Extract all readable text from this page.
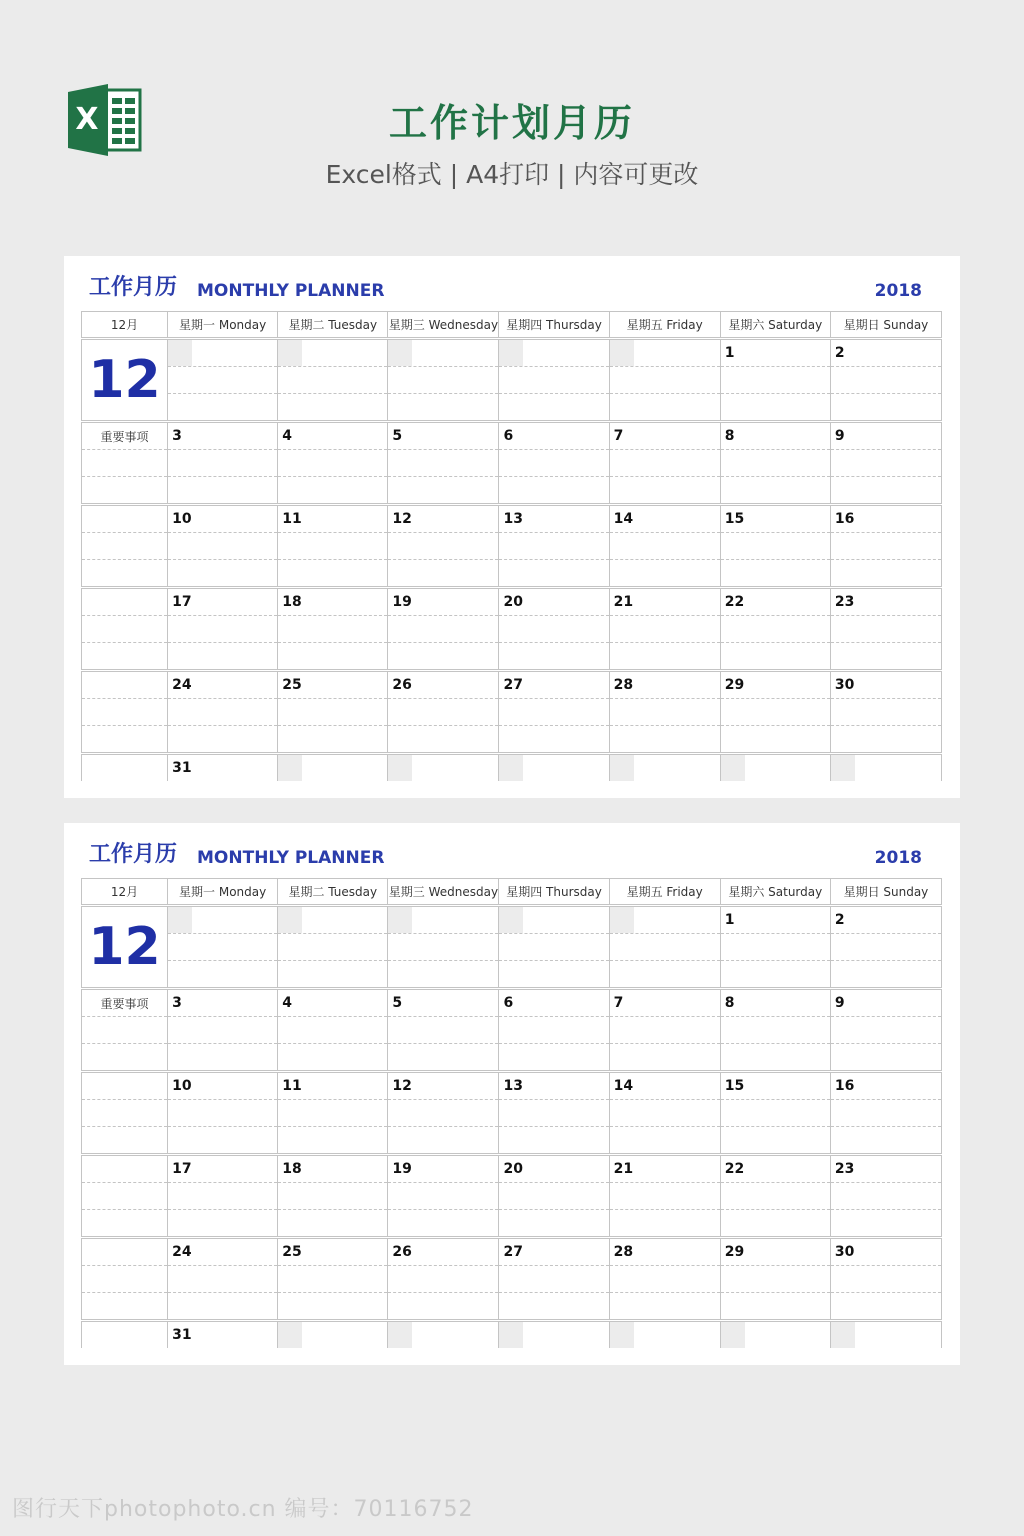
X	工作计划月历
Excel格式 | A4打印 | 内容可更改
工作月历 MONTHLY PLANNER	2018
12月	星期一 Monday	星期二 Tuesday	星期三 Wednesday	星期四 Thursday	星期五 Friday	星期六 Saturday	星期日 Sunday
12						1	2

重要事项	3	4	5	6	7	8	9

	10	11	12	13	14	15	16

	17	18	19	20	21	22	23

	24	25	26	27	28	29	30

	31						

工作月历 MONTHLY PLANNER	2018
12月	星期一 Monday	星期二 Tuesday	星期三 Wednesday	星期四 Thursday	星期五 Friday	星期六 Saturday	星期日 Sunday
12						1	2

重要事项	3	4	5	6	7	8	9

	10	11	12	13	14	15	16

	17	18	19	20	21	22	23

	24	25	26	27	28	29	30

	31						

图行天下photophoto.cn 编号：70116752
